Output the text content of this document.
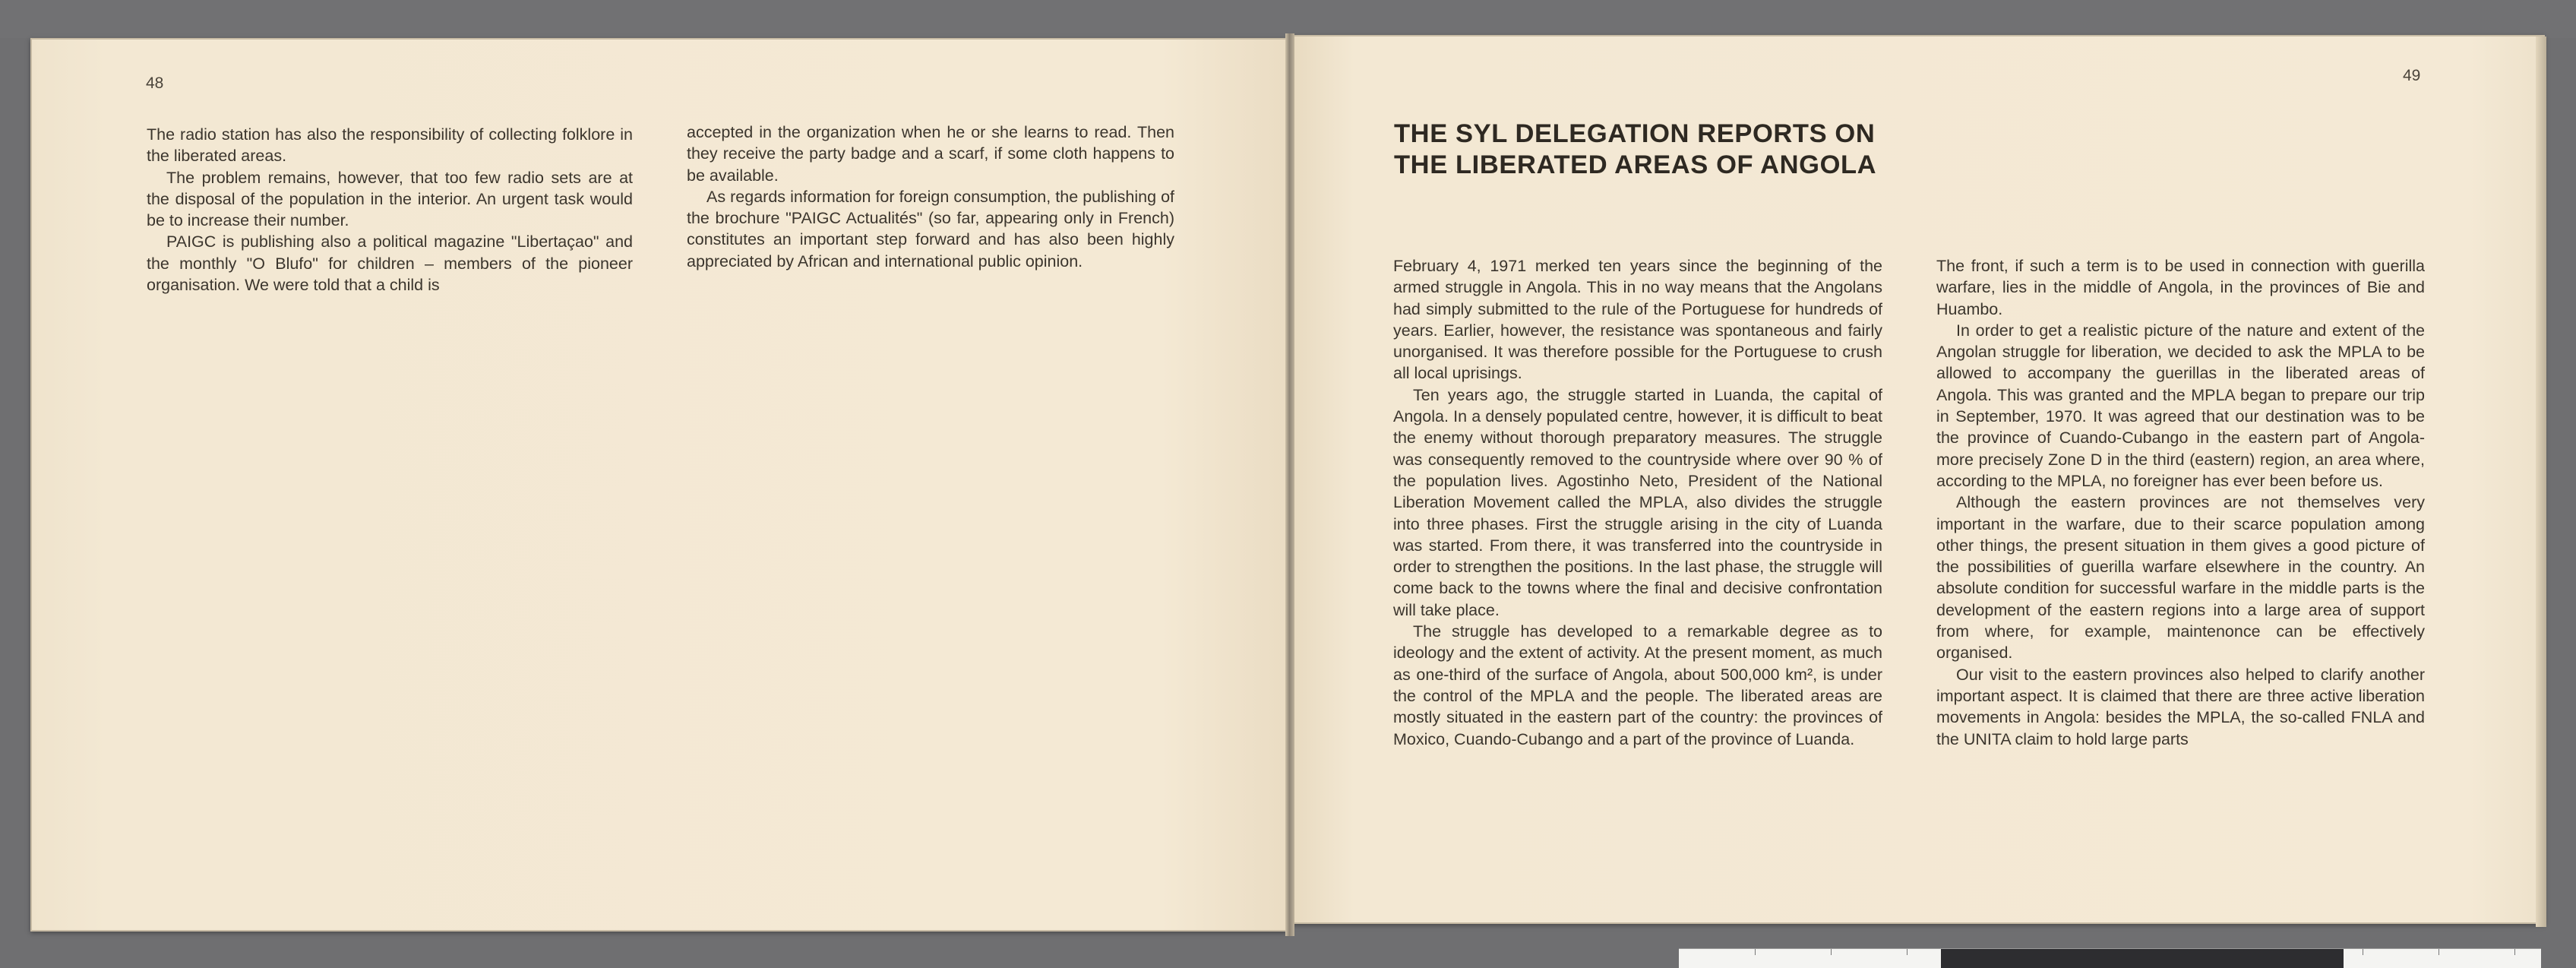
48

The radio station has also the responsibility of collecting folklore in the liberated areas.

The problem remains, however, that too few radio sets are at the disposal of the population in the interior. An urgent task would be to increase their number.

PAIGC is publishing also a political magazine "Libertaçao" and the monthly "O Blufo" for children – members of the pioneer organisation. We were told that a child is

accepted in the organization when he or she learns to read. Then they receive the party badge and a scarf, if some cloth happens to be available.

As regards information for foreign consumption, the publishing of the brochure "PAIGC Actualités" (so far, appearing only in French) constitutes an important step forward and has also been highly appreciated by African and international public opinion.

49
THE SYL DELEGATION REPORTS ON
THE LIBERATED AREAS OF ANGOLA

February 4, 1971 merked ten years since the beginning of the armed struggle in Angola. This in no way means that the Angolans had simply submitted to the rule of the Portuguese for hundreds of years. Earlier, however, the resistance was spontaneous and fairly unorganised. It was therefore possible for the Portuguese to crush all local uprisings.

Ten years ago, the struggle started in Luanda, the capital of Angola. In a densely populated centre, however, it is difficult to beat the enemy without thorough preparatory measures. The struggle was consequently removed to the countryside where over 90 % of the population lives. Agostinho Neto, President of the National Liberation Movement called the MPLA, also divides the struggle into three phases. First the struggle arising in the city of Luanda was started. From there, it was transferred into the countryside in order to strengthen the positions. In the last phase, the struggle will come back to the towns where the final and decisive confrontation will take place.

The struggle has developed to a remarkable degree as to ideology and the extent of activity. At the present moment, as much as one-third of the surface of Angola, about 500,000 km², is under the control of the MPLA and the people. The liberated areas are mostly situated in the eastern part of the country: the provinces of Moxico, Cuando-Cubango and a part of the province of Luanda.

The front, if such a term is to be used in connection with guerilla warfare, lies in the middle of Angola, in the provinces of Bie and Huambo.

In order to get a realistic picture of the nature and extent of the Angolan struggle for liberation, we decided to ask the MPLA to be allowed to accompany the guerillas in the liberated areas of Angola. This was granted and the MPLA began to prepare our trip in September, 1970. It was agreed that our destination was to be the province of Cuando-Cubango in the eastern part of Angola-more precisely Zone D in the third (eastern) region, an area where, according to the MPLA, no foreigner has ever been before us.

Although the eastern provinces are not themselves very important in the warfare, due to their scarce population among other things, the present situation in them gives a good picture of the possibilities of guerilla warfare elsewhere in the country. An absolute condition for successful warfare in the middle parts is the development of the eastern regions into a large area of support from where, for example, maintenonce can be effectively organised.

Our visit to the eastern provinces also helped to clarify another important aspect. It is claimed that there are three active liberation movements in Angola: besides the MPLA, the so-called FNLA and the UNITA claim to hold large parts
